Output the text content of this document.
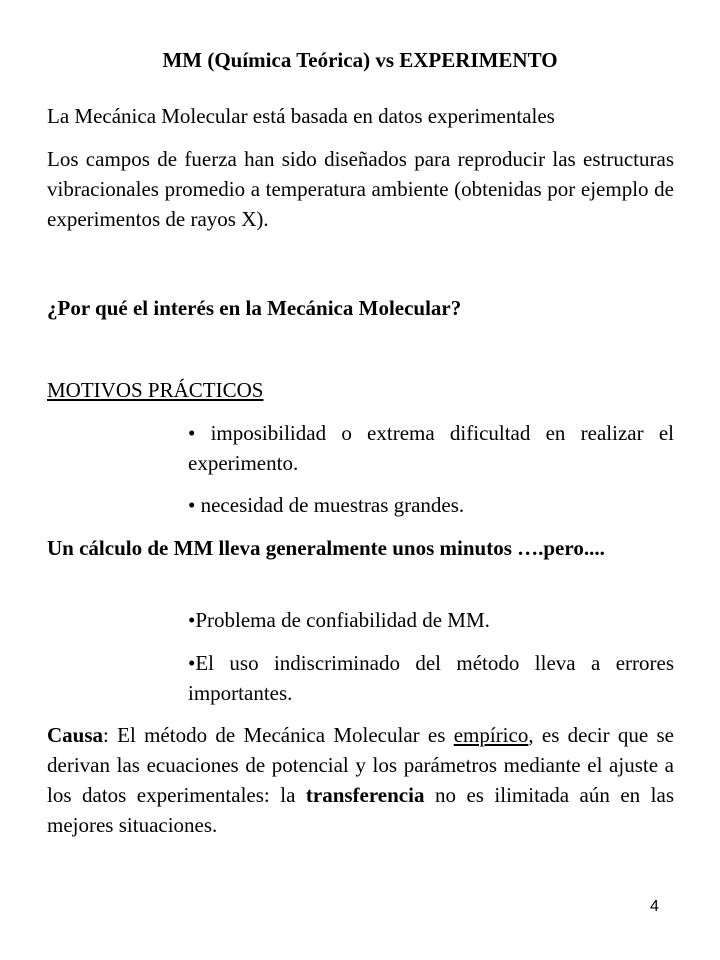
MM (Química Teórica) vs EXPERIMENTO

La Mecánica Molecular está basada en datos experimentales

Los campos de fuerza han sido diseñados para reproducir las estructuras vibracionales promedio a temperatura ambiente (obtenidas por ejemplo de experimentos de rayos X).

¿Por qué el interés en la Mecánica Molecular?

MOTIVOS PRÁCTICOS

• imposibilidad o extrema dificultad en realizar el experimento.

• necesidad de muestras grandes.

Un cálculo de MM lleva generalmente unos minutos ….pero....

•Problema de confiabilidad de MM.

•El uso indiscriminado del método lleva a errores importantes.

Causa: El método de Mecánica Molecular es empírico, es decir que se derivan las ecuaciones de potencial y los parámetros mediante el ajuste a los datos experimentales: la transferencia no es ilimitada aún en las mejores situaciones.

4
